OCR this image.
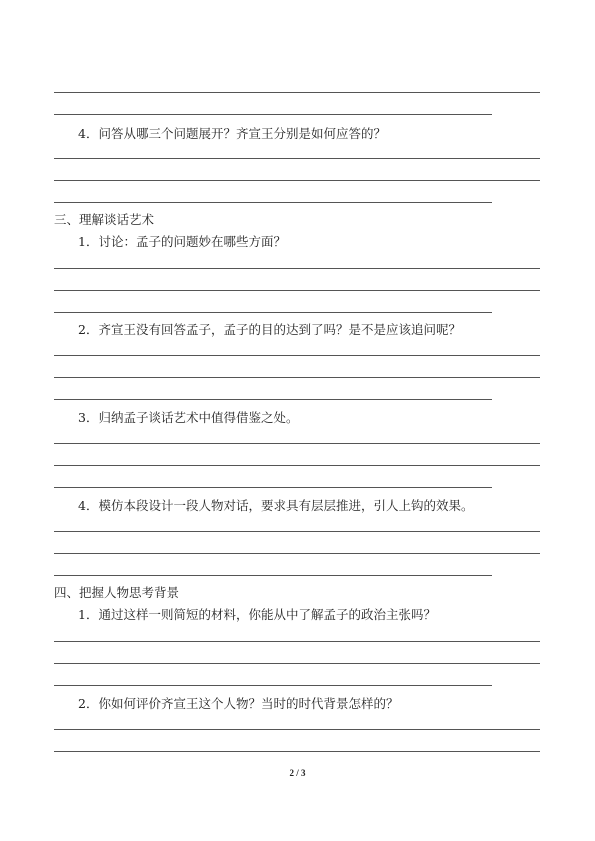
4．问答从哪三个问题展开？齐宣王分别是如何应答的？
三、理解谈话艺术
1．讨论：孟子的问题妙在哪些方面？
2．齐宣王没有回答孟子，孟子的目的达到了吗？是不是应该追问呢？
3．归纳孟子谈话艺术中值得借鉴之处。
4．模仿本段设计一段人物对话，要求具有层层推进，引人上钩的效果。
四、把握人物思考背景
1．通过这样一则简短的材料，你能从中了解孟子的政治主张吗？
2．你如何评价齐宣王这个人物？当时的时代背景怎样的？
2 / 3
